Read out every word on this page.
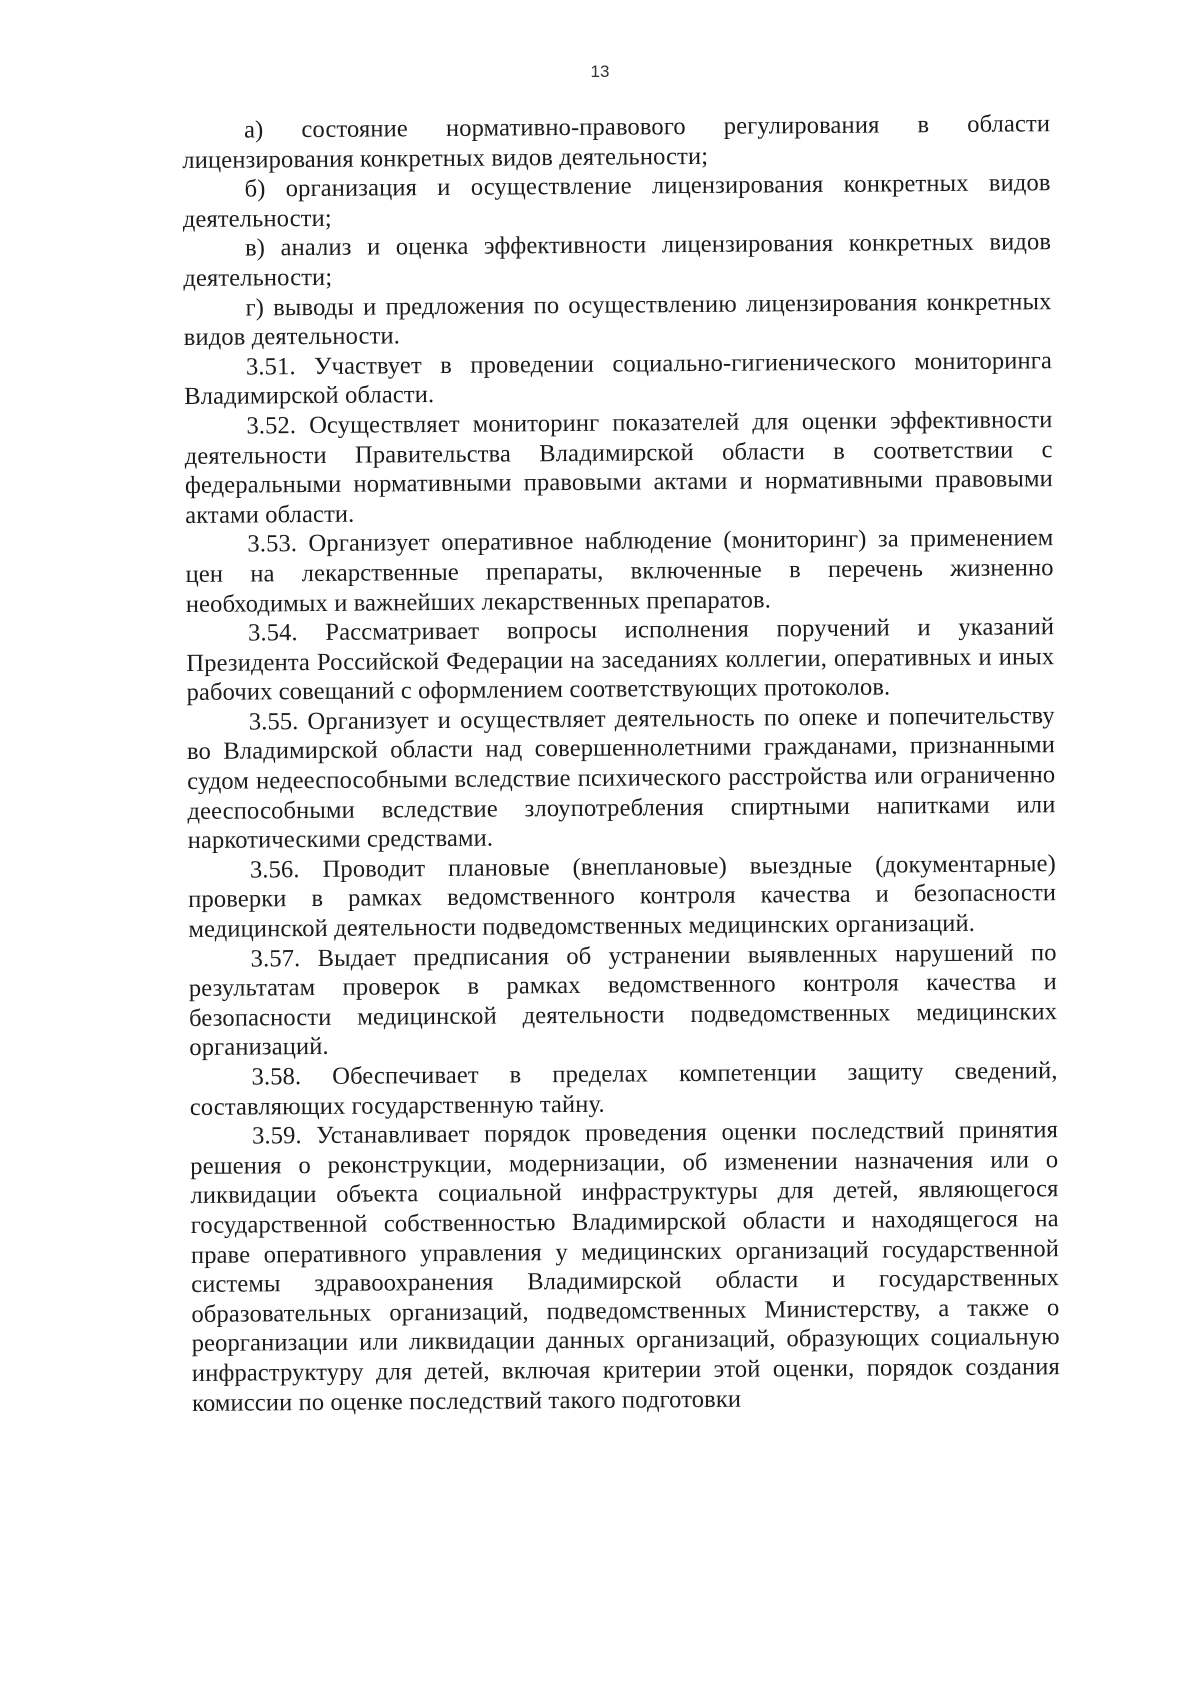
13

а) состояние нормативно-правового регулирования в области лицензирования конкретных видов деятельности;

б) организация и осуществление лицензирования конкретных видов деятельности;

в) анализ и оценка эффективности лицензирования конкретных видов деятельности;

г) выводы и предложения по осуществлению лицензирования конкретных видов деятельности.

3.51. Участвует в проведении социально-гигиенического мониторинга Владимирской области.

3.52. Осуществляет мониторинг показателей для оценки эффективности деятельности Правительства Владимирской области в соответствии с федеральными нормативными правовыми актами и нормативными правовыми актами области.

3.53. Организует оперативное наблюдение (мониторинг) за применением цен на лекарственные препараты, включенные в перечень жизненно необходимых и важнейших лекарственных препаратов.

3.54. Рассматривает вопросы исполнения поручений и указаний Президента Российской Федерации на заседаниях коллегии, оперативных и иных рабочих совещаний с оформлением соответствующих протоколов.

3.55. Организует и осуществляет деятельность по опеке и попечительству во Владимирской области над совершеннолетними гражданами, признанными судом недееспособными вследствие психического расстройства или ограниченно дееспособными вследствие злоупотребления спиртными напитками или наркотическими средствами.

3.56. Проводит плановые (внеплановые) выездные (документарные) проверки в рамках ведомственного контроля качества и безопасности медицинской деятельности подведомственных медицинских организаций.

3.57. Выдает предписания об устранении выявленных нарушений по результатам проверок в рамках ведомственного контроля качества и безопасности медицинской деятельности подведомственных медицинских организаций.

3.58. Обеспечивает в пределах компетенции защиту сведений, составляющих государственную тайну.

3.59. Устанавливает порядок проведения оценки последствий принятия решения о реконструкции, модернизации, об изменении назначения или о ликвидации объекта социальной инфраструктуры для детей, являющегося государственной собственностью Владимирской области и находящегося на праве оперативного управления у медицинских организаций государственной системы здравоохранения Владимирской области и государственных образовательных организаций, подведомственных Министерству, а также о реорганизации или ликвидации данных организаций, образующих социальную инфраструктуру для детей, включая критерии этой оценки, порядок создания комиссии по оценке последствий такого подготовки
